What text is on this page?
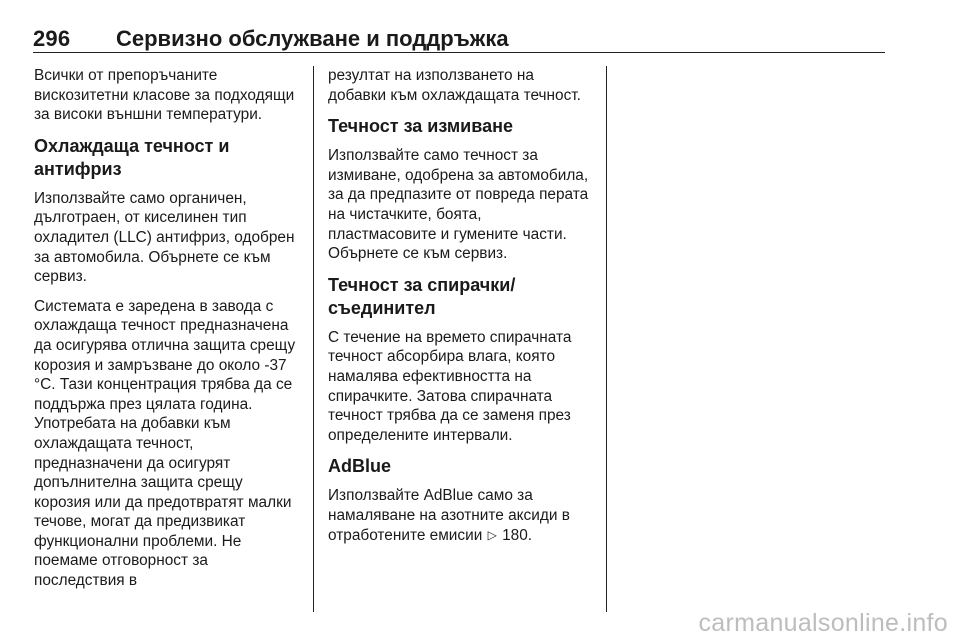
296 Сервизно обслужване и поддръжка

Всички от препоръчаните вискозитетни класове за подходящи за високи външни температури.

Охлаждаща течност и антифриз

Използвайте само органичен, дълготраен, от киселинен тип охладител (LLC) антифриз, одобрен за автомобила. Обърнете се към сервиз.

Системата е заредена в завода с охлаждаща течност предназначена да осигурява отлична защита срещу корозия и замръзване до около -37 °C. Тази концентрация трябва да се поддържа през цялата година. Употребата на добавки към охлаждащата течност, предназначени да осигурят допълнителна защита срещу корозия или да предотвратят малки течове, могат да предизвикат функционални проблеми. Не поемаме отговорност за последствия в

резултат на използването на добавки към охлаждащата течност.

Течност за измиване

Използвайте само течност за измиване, одобрена за автомобила, за да предпазите от повреда перата на чистачките, боята, пластмасовите и гумените части. Обърнете се към сервиз.

Течност за спирачки/ съединител

С течение на времето спирачната течност абсорбира влага, която намалява ефективността на спирачките. Затова спирачната течност трябва да се заменя през определените интервали.

AdBlue

Използвайте AdBlue само за намаляване на азотните аксиди в отработените емисии ▷ 180.

carmanualsonline.info
